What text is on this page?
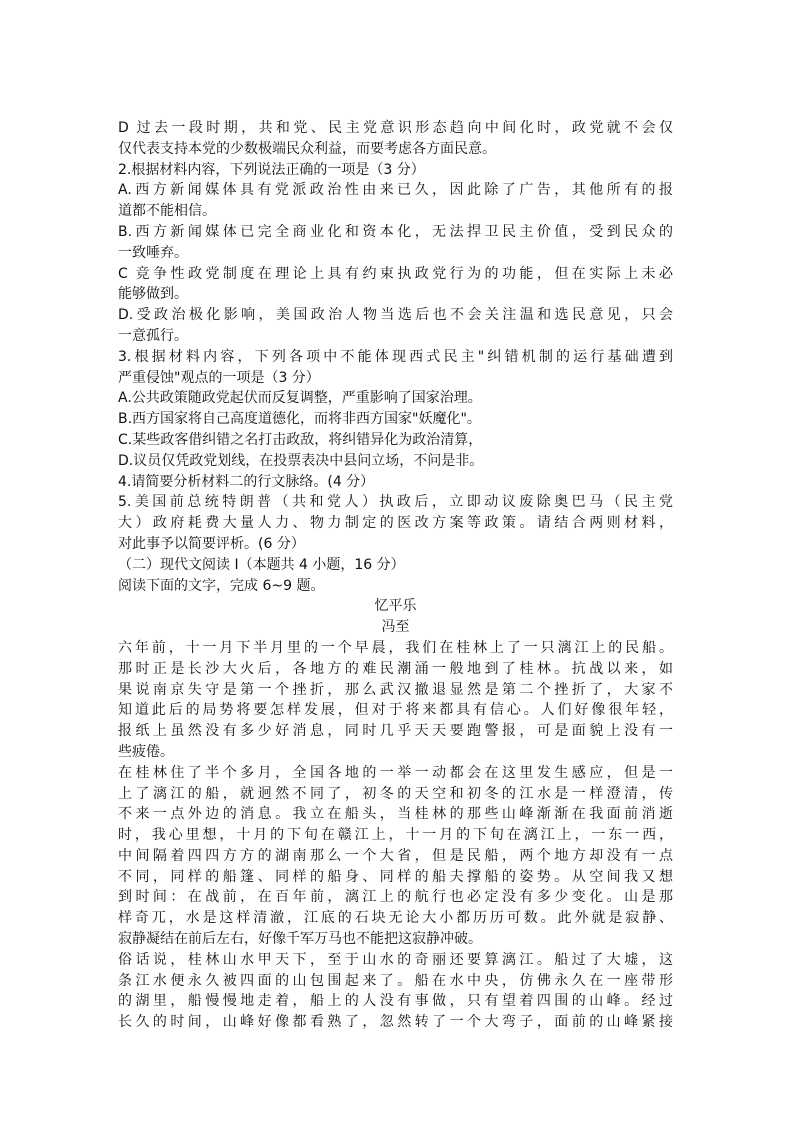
D 过去一段时期，共和党、民主党意识形态趋向中间化时，政党就不会仅
仅代表支持本党的少数极端民众利益，而要考虑各方面民意。
2.根据材料内容，下列说法正确的一项是（3 分）
A.西方新闻媒体具有党派政治性由来已久，因此除了广告，其他所有的报
道都不能相信。
B.西方新闻媒体已完全商业化和资本化，无法捍卫民主价值，受到民众的
一致唾弃。
C 竞争性政党制度在理论上具有约束执政党行为的功能，但在实际上未必
能够做到。
D.受政治极化影响，美国政治人物当选后也不会关注温和选民意见，只会
一意孤行。
3.根据材料内容，下列各项中不能体现西式民主"纠错机制的运行基础遭到
严重侵蚀"观点的一项是（3 分）
A.公共政策随政党起伏而反复调整，严重影响了国家治理。
B.西方国家将自己高度道德化，而将非西方国家"妖魔化"。
C.某些政客借纠错之名打击政敌，将纠错异化为政治清算，
D.议员仅凭政党划线，在投票表决中县问立场，不问是非。
4.请简要分析材料二的行文脉络。(4 分）
5.美国前总统特朗普（共和党人）执政后，立即动议废除奥巴马（民主党
大）政府耗费大量人力、物力制定的医改方案等政策。请结合两则材料，
对此事予以简要评析。(6 分）
（二）现代文阅读 I（本题共 4 小题，16 分）
阅读下面的文字，完成 6~9 题。
忆平乐
冯至
六年前，十一月下半月里的一个早晨，我们在桂林上了一只漓江上的民船。
那时正是长沙大火后，各地方的难民潮涌一般地到了桂林。抗战以来，如
果说南京失守是第一个挫折，那么武汉撤退显然是第二个挫折了，大家不
知道此后的局势将要怎样发展，但对于将来都具有信心。人们好像很年轻，
报纸上虽然没有多少好消息，同时几乎天天要跑警报，可是面貌上没有一
些疲倦。
在桂林住了半个多月，全国各地的一举一动都会在这里发生感应，但是一
上了漓江的船，就迥然不同了，初冬的天空和初冬的江水是一样澄清，传
不来一点外边的消息。我立在船头，当桂林的那些山峰渐渐在我面前消逝
时，我心里想，十月的下旬在赣江上，十一月的下旬在漓江上，一东一西，
中间隔着四四方方的湖南那么一个大省，但是民船，两个地方却没有一点
不同，同样的船篷、同样的船身、同样的船夫撑船的姿势。从空间我又想
到时间：在战前，在百年前，漓江上的航行也必定没有多少变化。山是那
样奇兀，水是这样清澈，江底的石块无论大小都历历可数。此外就是寂静、
寂静凝结在前后左右，好像千军万马也不能把这寂静冲破。
俗话说，桂林山水甲天下，至于山水的奇丽还要算漓江。船过了大墟，这
条江水便永久被四面的山包围起来了。船在水中央，仿佛永久在一座带形
的湖里，船慢慢地走着，船上的人没有事做，只有望着四围的山峰。经过
长久的时间，山峰好像都看熟了，忽然转了一个大弯子，面前的山峰紧接
